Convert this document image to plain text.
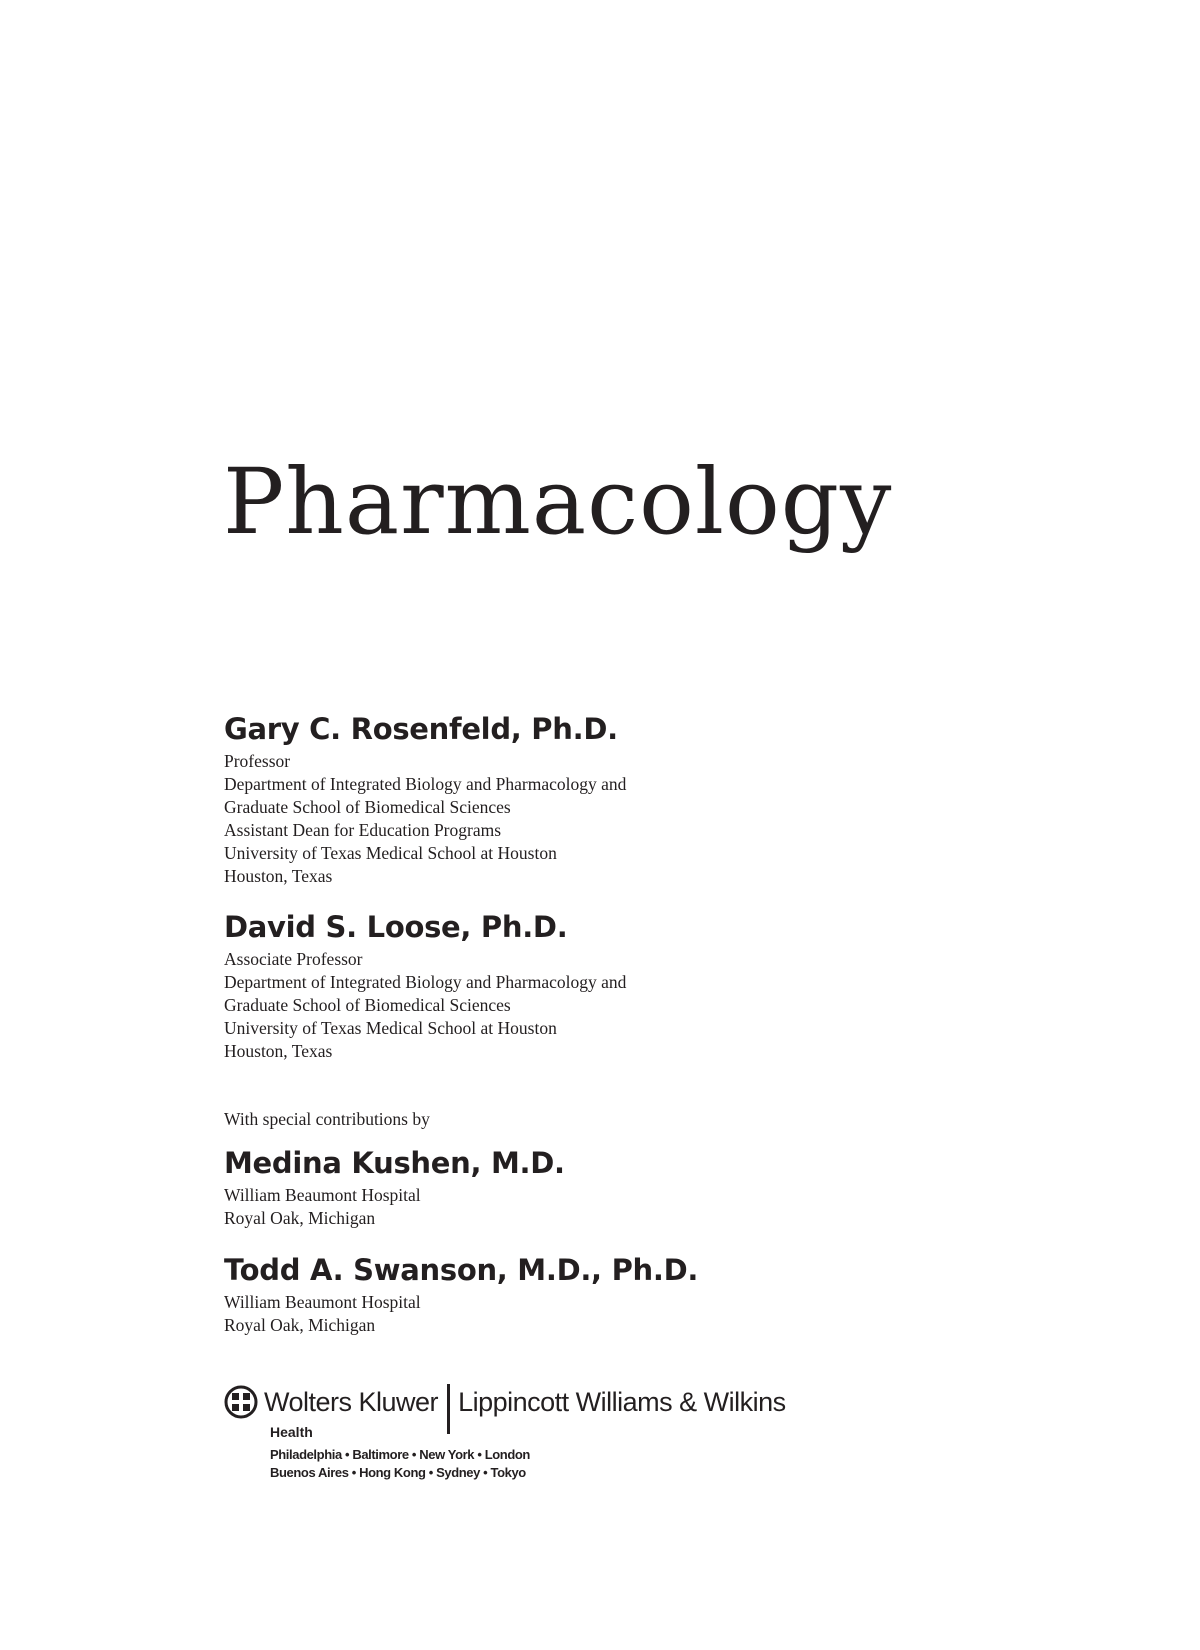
Pharmacology
Gary C. Rosenfeld, Ph.D.
Professor
Department of Integrated Biology and Pharmacology and
Graduate School of Biomedical Sciences
Assistant Dean for Education Programs
University of Texas Medical School at Houston
Houston, Texas
David S. Loose, Ph.D.
Associate Professor
Department of Integrated Biology and Pharmacology and
Graduate School of Biomedical Sciences
University of Texas Medical School at Houston
Houston, Texas
With special contributions by
Medina Kushen, M.D.
William Beaumont Hospital
Royal Oak, Michigan
Todd A. Swanson, M.D., Ph.D.
William Beaumont Hospital
Royal Oak, Michigan
Wolters Kluwer Lippincott Williams & Wilkins
Health
Philadelphia • Baltimore • New York • London
Buenos Aires • Hong Kong • Sydney • Tokyo
